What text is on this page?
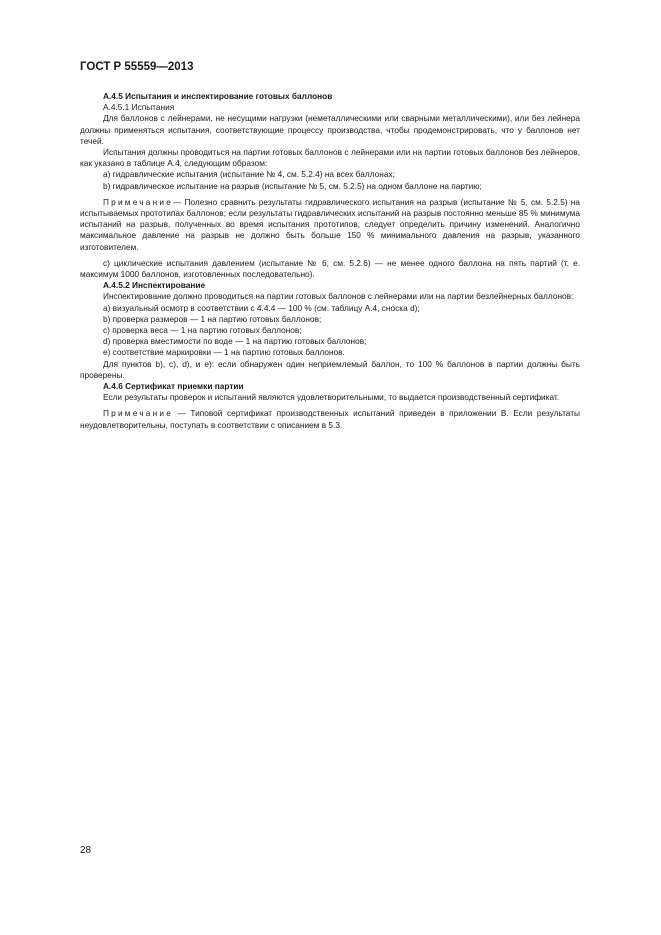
ГОСТ Р 55559—2013

А.4.5 Испытания и инспектирование готовых баллонов

А.4.5.1 Испытания

Для баллонов с лейнерами, не несущими нагрузки (неметаллическими или сварными металлическими), или без лейнера должны применяться испытания, соответствующие процессу производства, чтобы продемонстрировать, что у баллонов нет течей.

Испытания должны проводиться на партии готовых баллонов с лейнерами или на партии готовых баллонов без лейнеров, как указано в таблице А.4, следующим образом:

а) гидравлические испытания (испытание № 4, см. 5.2.4) на всех баллонах;

b) гидравлическое испытание на разрыв (испытание № 5, см. 5.2.5) на одном баллоне на партию;

Примечание— Полезно сравнить результаты гидравлического испытания на разрыв (испытание № 5, см. 5.2.5) на испытываемых прототипах баллонов; если результаты гидравлических испытаний на разрыв постоянно меньше 85 % минимума испытаний на разрыв, полученных во время испытания прототипов, следует определить причину изменений. Аналогично максимальное давление на разрыв не должно быть больше 150 % минимального давления на разрыв, указанного изготовителем.

с) циклические испытания давлением (испытание № 6, см. 5.2.6) — не менее одного баллона на пять партий (т. е. максимум 1000 баллонов, изготовленных последовательно).

А.4.5.2 Инспектирование

Инспектирование должно проводиться на партии готовых баллонов с лейнерами или на партии безлейнерных баллонов:

а) визуальный осмотр в соответствии с 4.4.4 — 100 % (см. таблицу А.4, сноска d);

b) проверка размеров — 1 на партию готовых баллонов;

с) проверка веса — 1 на партию готовых баллонов;

d) проверка вместимости по воде — 1 на партию готовых баллонов;

е) соответствие маркировки — 1 на партию готовых баллонов.

Для пунктов b), с), d), и е): если обнаружен один неприемлемый баллон, то 100 % баллонов в партии должны быть проверены.

А.4.6 Сертификат приемки партии

Если результаты проверок и испытаний являются удовлетворительными, то выдается производственный сертификат.

Примечание — Типовой сертификат производственных испытаний приведен в приложении В. Если результаты неудовлетворительны, поступать в соответствии с описанием в 5.3.

28
